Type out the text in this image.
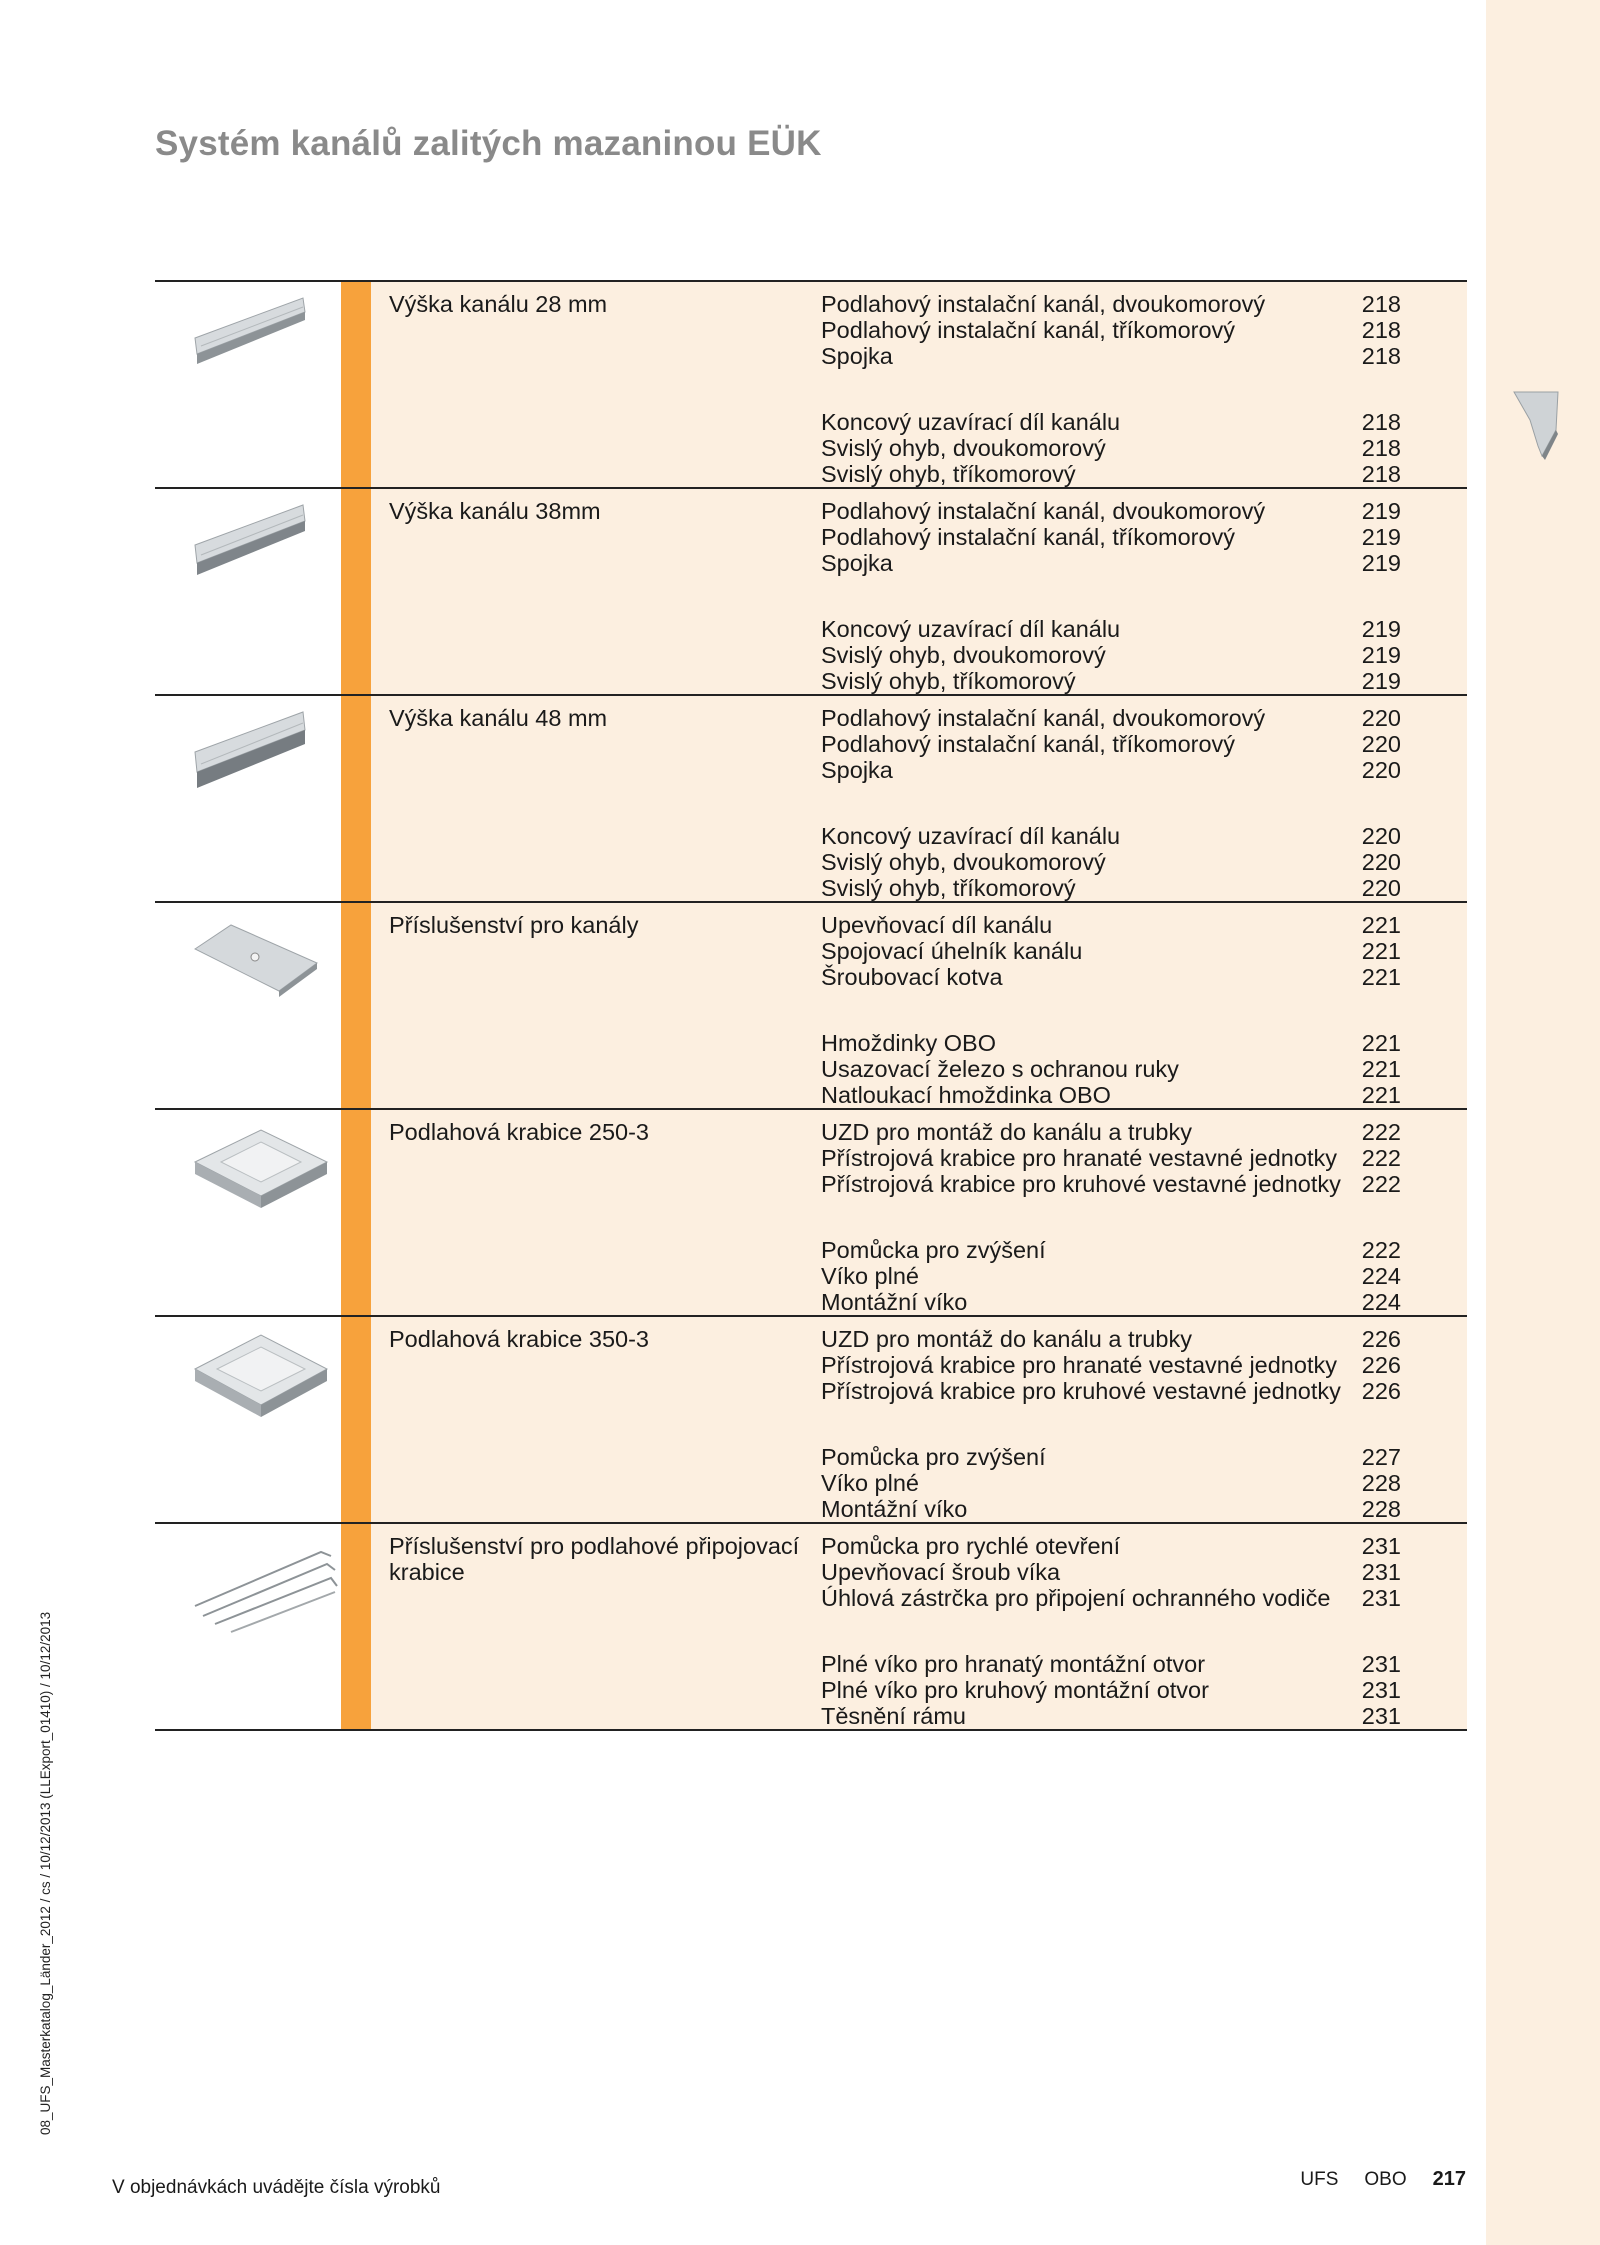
Systém kanálů zalitých mazaninou EÜK
Výška kanálu 28 mm	Podlahový instalační kanál, dvoukomorový	218
Podlahový instalační kanál, tříkomorový	218
Spojka	218
Koncový uzavírací díl kanálu	218
Svislý ohyb, dvoukomorový	218
Svislý ohyb, tříkomorový	218
Výška kanálu 38mm	Podlahový instalační kanál, dvoukomorový	219
Podlahový instalační kanál, tříkomorový	219
Spojka	219
Koncový uzavírací díl kanálu	219
Svislý ohyb, dvoukomorový	219
Svislý ohyb, tříkomorový	219
Výška kanálu 48 mm	Podlahový instalační kanál, dvoukomorový	220
Podlahový instalační kanál, tříkomorový	220
Spojka	220
Koncový uzavírací díl kanálu	220
Svislý ohyb, dvoukomorový	220
Svislý ohyb, tříkomorový	220
Příslušenství pro kanály	Upevňovací díl kanálu	221
Spojovací úhelník kanálu	221
Šroubovací kotva	221
Hmoždinky OBO	221
Usazovací železo s ochranou ruky	221
Natloukací hmoždinka OBO	221
Podlahová krabice 250-3	UZD pro montáž do kanálu a trubky	222
Přístrojová krabice pro hranaté vestavné jednotky	222
Přístrojová krabice pro kruhové vestavné jednotky 222
Pomůcka pro zvýšení	222
Víko plné	224
Montážní víko	224
Podlahová krabice 350-3	UZD pro montáž do kanálu a trubky	226
Přístrojová krabice pro hranaté vestavné jednotky	226
Přístrojová krabice pro kruhové vestavné jednotky 226
Pomůcka pro zvýšení	227
Víko plné	228
Montážní víko	228
Příslušenství pro podlahové připojovací krabice
Pomůcka pro rychlé otevření	231
Upevňovací šroub víka	231
Úhlová zástrčka pro připojení ochranného vodiče	231
Plné víko pro hranatý montážní otvor	231
Plné víko pro kruhový montážní otvor	231
Těsnění rámu	231
V objednávkách uvádějte čísla výrobků	UFS OBO 217
08_UFS_Masterkatalog_Länder_2012 / cs / 10/12/2013 (LLExport_01410) / 10/12/2013
